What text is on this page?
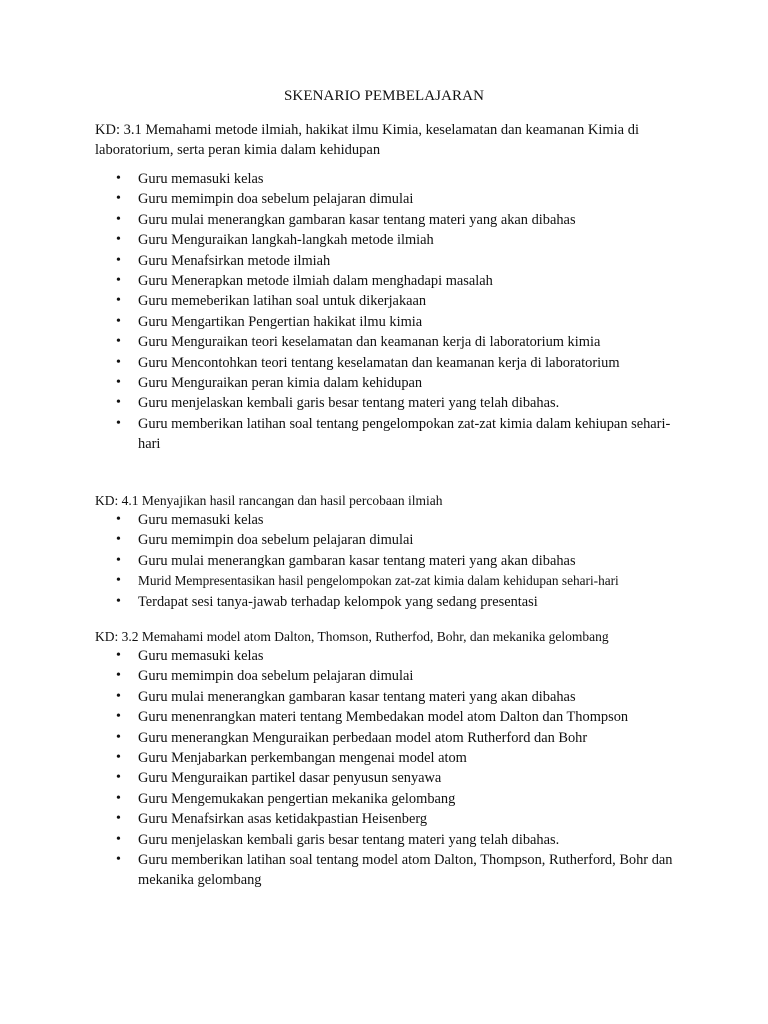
SKENARIO PEMBELAJARAN
KD: 3.1 Memahami metode ilmiah, hakikat ilmu Kimia, keselamatan dan keamanan Kimia di laboratorium, serta peran kimia dalam kehidupan
• Guru memasuki kelas
• Guru memimpin doa sebelum pelajaran dimulai
• Guru mulai menerangkan gambaran kasar tentang materi yang akan dibahas
• Guru Menguraikan langkah-langkah metode ilmiah
• Guru Menafsirkan metode ilmiah
• Guru Menerapkan metode ilmiah dalam menghadapi masalah
• Guru memeberikan latihan soal untuk dikerjakaan
• Guru Mengartikan Pengertian hakikat ilmu kimia
• Guru Menguraikan teori keselamatan dan keamanan kerja di laboratorium kimia
• Guru Mencontohkan teori tentang keselamatan dan keamanan kerja di laboratorium
• Guru Menguraikan peran kimia dalam kehidupan
• Guru menjelaskan kembali garis besar tentang materi yang telah dibahas.
• Guru memberikan latihan soal tentang pengelompokan zat-zat kimia dalam kehiupan sehari-hari
KD: 4.1 Menyajikan hasil rancangan dan hasil percobaan ilmiah
• Guru memasuki kelas
• Guru memimpin doa sebelum pelajaran dimulai
• Guru mulai menerangkan gambaran kasar tentang materi yang akan dibahas
• Murid Mempresentasikan hasil pengelompokan zat-zat kimia dalam kehidupan sehari-hari
• Terdapat sesi tanya-jawab terhadap kelompok yang sedang presentasi
KD: 3.2 Memahami model atom Dalton, Thomson, Rutherfod, Bohr, dan mekanika gelombang
• Guru memasuki kelas
• Guru memimpin doa sebelum pelajaran dimulai
• Guru mulai menerangkan gambaran kasar tentang materi yang akan dibahas
• Guru menenrangkan materi tentang Membedakan model atom Dalton dan Thompson
• Guru menerangkan Menguraikan perbedaan model atom Rutherford dan Bohr
• Guru Menjabarkan perkembangan mengenai model atom
• Guru Menguraikan partikel dasar penyusun senyawa
• Guru Mengemukakan pengertian mekanika gelombang
• Guru Menafsirkan asas ketidakpastian Heisenberg
• Guru menjelaskan kembali garis besar tentang materi yang telah dibahas.
• Guru memberikan latihan soal tentang model atom Dalton, Thompson, Rutherford, Bohr dan mekanika gelombang
